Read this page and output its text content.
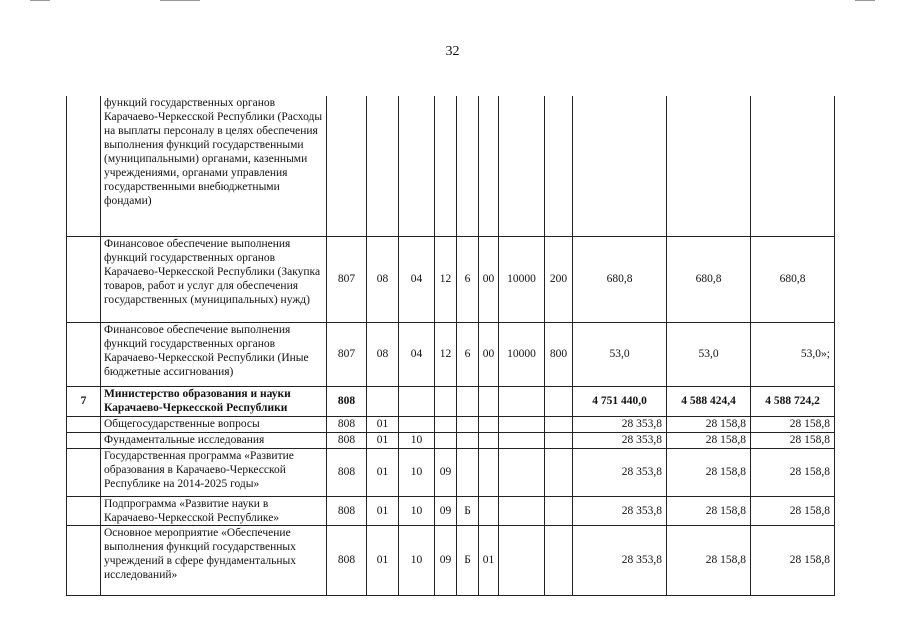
32
	функций государственных органов Карачаево-Черкесской Республики (Расходы на выплаты персоналу в целях обеспечения выполнения функций государственными (муниципальными) органами, казенными учреждениями, органами управления государственными внебюджетными фондами)											
	Финансовое обеспечение выполнения функций государственных органов Карачаево-Черкесской Республики (Закупка товаров, работ и услуг для обеспечения государственных (муниципальных) нужд)	807	08	04	12	6	00	10000	200	680,8	680,8	680,8
	Финансовое обеспечение выполнения функций государственных органов Карачаево-Черкесской Республики (Иные бюджетные ассигнования)	807	08	04	12	6	00	10000	800	53,0	53,0	53,0»;
7	Министерство образования и науки Карачаево-Черкесской Республики	808								4 751 440,0	4 588 424,4	4 588 724,2
	Общегосударственные вопросы	808	01							28 353,8	28 158,8	28 158,8
	Фундаментальные исследования	808	01	10						28 353,8	28 158,8	28 158,8
	Государственная программа «Развитие образования в Карачаево-Черкесской Республике на 2014-2025 годы»	808	01	10	09					28 353,8	28 158,8	28 158,8
	Подпрограмма «Развитие науки в Карачаево-Черкесской Республике»	808	01	10	09	Б				28 353,8	28 158,8	28 158,8
	Основное мероприятие «Обеспечение выполнения функций государственных учреждений в сфере фундаментальных исследований»	808	01	10	09	Б	01			28 353,8	28 158,8	28 158,8
